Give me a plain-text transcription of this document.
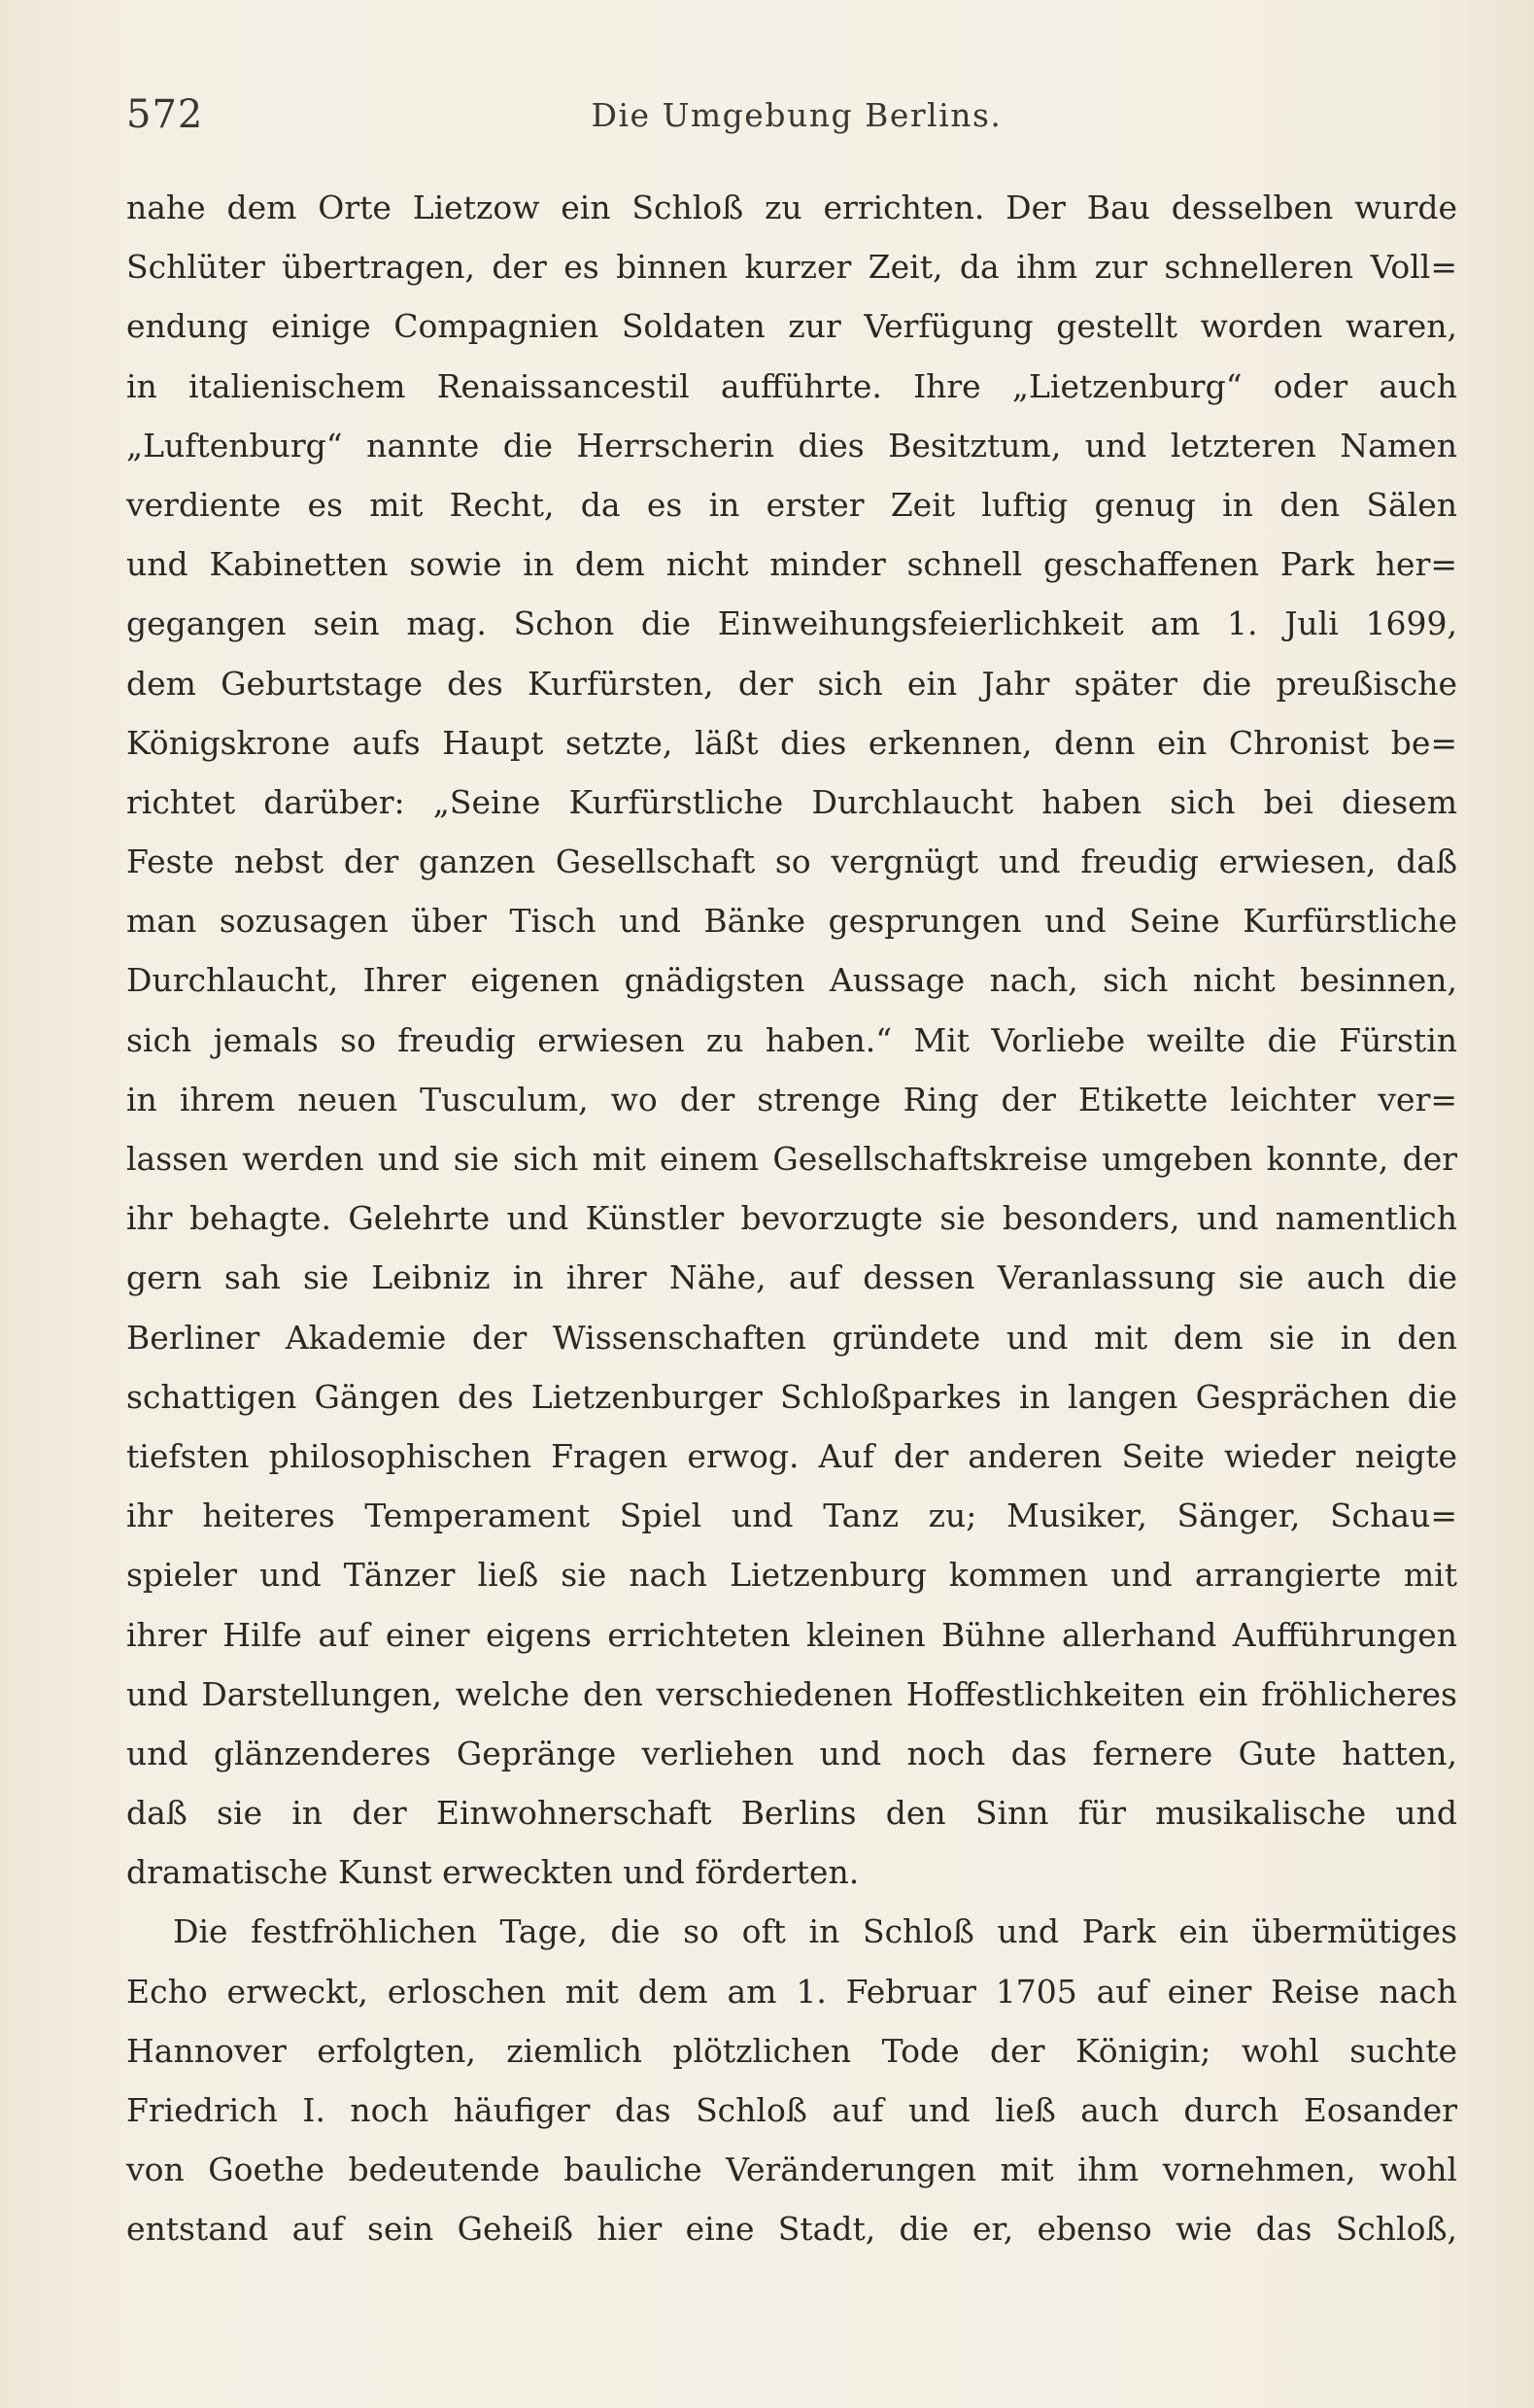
572	Die Umgebung Berlins.
nahe dem Orte Lietzow ein Schloß zu errichten. Der Bau desselben wurde
Schlüter übertragen, der es binnen kurzer Zeit, da ihm zur schnelleren Voll=
endung einige Compagnien Soldaten zur Verfügung gestellt worden waren,
in italienischem Renaissancestil aufführte. Ihre „Lietzenburg“ oder auch
„Luftenburg“ nannte die Herrscherin dies Besitztum, und letzteren Namen
verdiente es mit Recht, da es in erster Zeit luftig genug in den Sälen
und Kabinetten sowie in dem nicht minder schnell geschaffenen Park her=
gegangen sein mag. Schon die Einweihungsfeierlichkeit am 1. Juli 1699,
dem Geburtstage des Kurfürsten, der sich ein Jahr später die preußische
Königskrone aufs Haupt setzte, läßt dies erkennen, denn ein Chronist be=
richtet darüber: „Seine Kurfürstliche Durchlaucht haben sich bei diesem
Feste nebst der ganzen Gesellschaft so vergnügt und freudig erwiesen, daß
man sozusagen über Tisch und Bänke gesprungen und Seine Kurfürstliche
Durchlaucht, Ihrer eigenen gnädigsten Aussage nach, sich nicht besinnen,
sich jemals so freudig erwiesen zu haben.“ Mit Vorliebe weilte die Fürstin
in ihrem neuen Tusculum, wo der strenge Ring der Etikette leichter ver=
lassen werden und sie sich mit einem Gesellschaftskreise umgeben konnte, der
ihr behagte. Gelehrte und Künstler bevorzugte sie besonders, und namentlich
gern sah sie Leibniz in ihrer Nähe, auf dessen Veranlassung sie auch die
Berliner Akademie der Wissenschaften gründete und mit dem sie in den
schattigen Gängen des Lietzenburger Schloßparkes in langen Gesprächen die
tiefsten philosophischen Fragen erwog. Auf der anderen Seite wieder neigte
ihr heiteres Temperament Spiel und Tanz zu; Musiker, Sänger, Schau=
spieler und Tänzer ließ sie nach Lietzenburg kommen und arrangierte mit
ihrer Hilfe auf einer eigens errichteten kleinen Bühne allerhand Aufführungen
und Darstellungen, welche den verschiedenen Hoffestlichkeiten ein fröhlicheres
und glänzenderes Gepränge verliehen und noch das fernere Gute hatten,
daß sie in der Einwohnerschaft Berlins den Sinn für musikalische und
dramatische Kunst erweckten und förderten.
Die festfröhlichen Tage, die so oft in Schloß und Park ein übermütiges
Echo erweckt, erloschen mit dem am 1. Februar 1705 auf einer Reise nach
Hannover erfolgten, ziemlich plötzlichen Tode der Königin; wohl suchte
Friedrich I. noch häufiger das Schloß auf und ließ auch durch Eosander
von Goethe bedeutende bauliche Veränderungen mit ihm vornehmen, wohl
entstand auf sein Geheiß hier eine Stadt, die er, ebenso wie das Schloß,
